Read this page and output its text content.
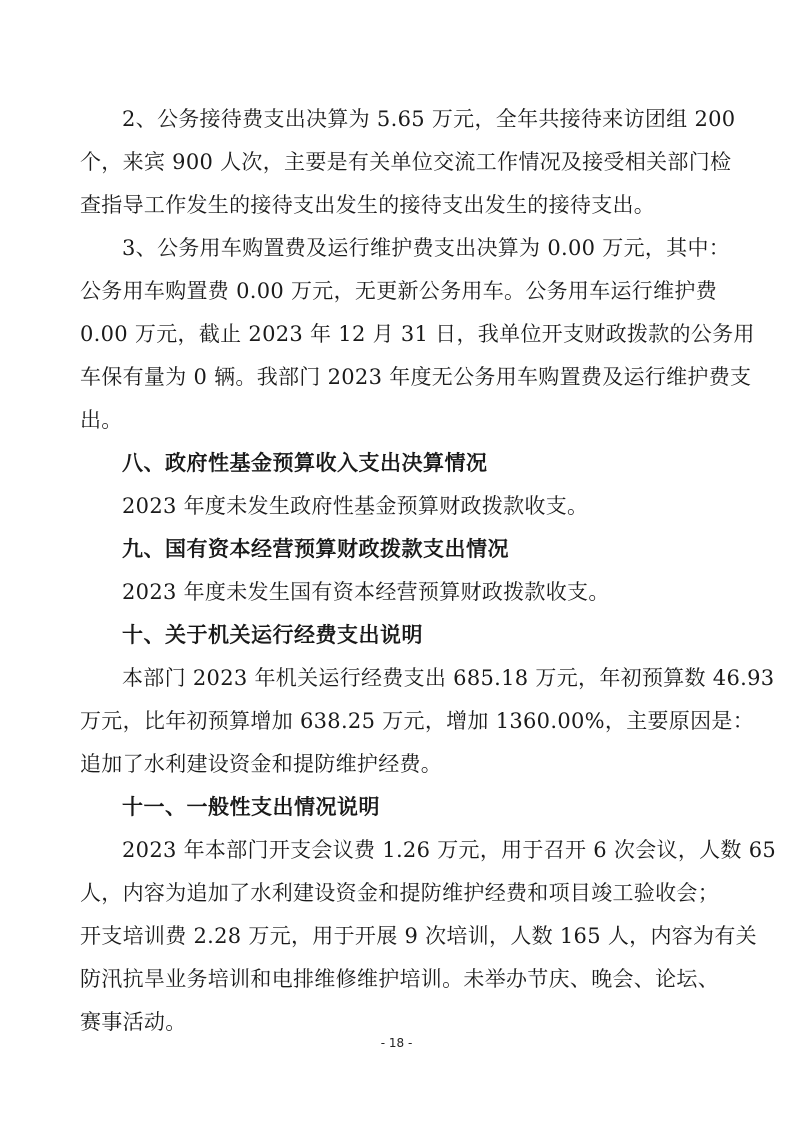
2、公务接待费支出决算为 5.65 万元，全年共接待来访团组 200
个，来宾 900 人次，主要是有关单位交流工作情况及接受相关部门检
查指导工作发生的接待支出发生的接待支出发生的接待支出。
3、公务用车购置费及运行维护费支出决算为 0.00 万元，其中：
公务用车购置费 0.00 万元，无更新公务用车。公务用车运行维护费
0.00 万元，截止 2023 年 12 月 31 日，我单位开支财政拨款的公务用
车保有量为 0 辆。我部门 2023 年度无公务用车购置费及运行维护费支
出。
八、政府性基金预算收入支出决算情况
2023 年度未发生政府性基金预算财政拨款收支。
九、国有资本经营预算财政拨款支出情况
2023 年度未发生国有资本经营预算财政拨款收支。
十、关于机关运行经费支出说明
本部门 2023 年机关运行经费支出 685.18 万元，年初预算数 46.93
万元，比年初预算增加 638.25 万元，增加 1360.00%，主要原因是：
追加了水利建设资金和提防维护经费。
十一、一般性支出情况说明
2023 年本部门开支会议费 1.26 万元，用于召开 6 次会议，人数 65
人，内容为追加了水利建设资金和提防维护经费和项目竣工验收会；
开支培训费 2.28 万元，用于开展 9 次培训，人数 165 人，内容为有关
防汛抗旱业务培训和电排维修维护培训。未举办节庆、晚会、论坛、
赛事活动。
- 18 -
